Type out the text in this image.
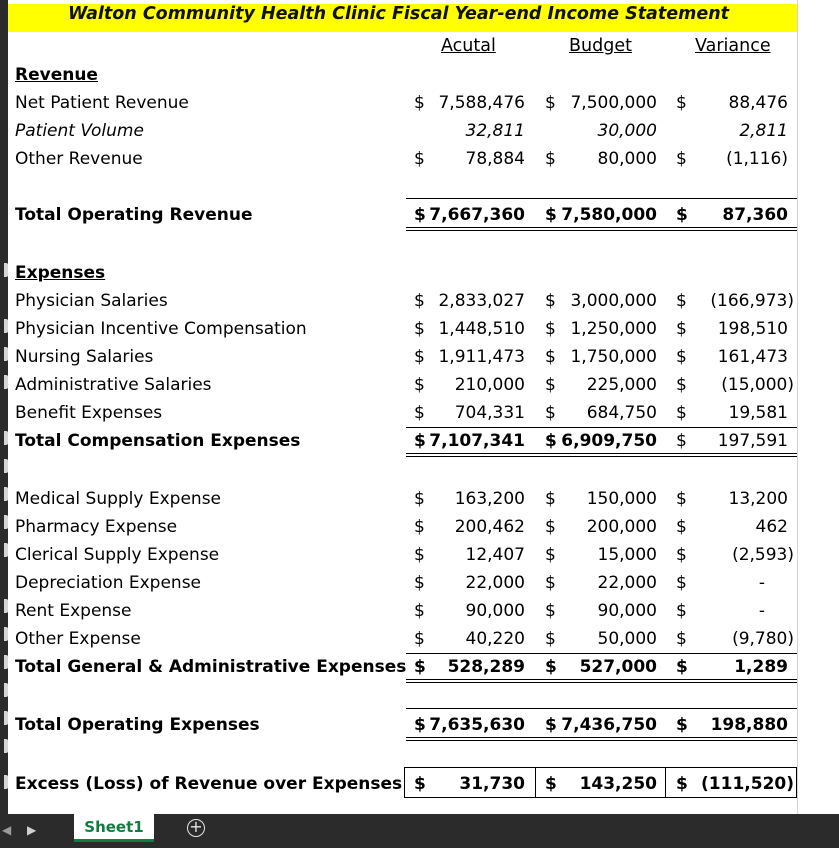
Walton Community Health Clinic Fiscal Year-end Income Statement
Acutal	Budget	Variance
Revenue
Net Patient Revenue	$ 7,588,476 $ 7,500,000 $ 88,476
Patient Volume	32,811	30,000	2,811
Other Revenue	$ 78,884 $ 80,000 $ (1,116)
Total Operating Revenue	$ 7,667,360 $ 7,580,000 $ 87,360
Expenses
Physician Salaries	$ 2,833,027 $ 3,000,000 $ (166,973)
Physician Incentive Compensation	$ 1,448,510 $ 1,250,000 $ 198,510
Nursing Salaries	$ 1,911,473 $ 1,750,000 $ 161,473
Administrative Salaries	$ 210,000 $ 225,000 $ (15,000)
Benefit Expenses	$ 704,331 $ 684,750 $ 19,581
Total Compensation Expenses	$ 7,107,341 $ 6,909,750 $ 197,591
Medical Supply Expense	$ 163,200 $ 150,000 $ 13,200
Pharmacy Expense	$ 200,462 $ 200,000 $	462
Clerical Supply Expense	$ 12,407 $ 15,000 $	(2,593)
Depreciation Expense	$ 22,000 $ 22,000 $	-
Rent Expense	$ 90,000 $ 90,000 $	-
Other Expense	$ 40,220 $ 50,000 $	(9,780)
Total General & Administrative Expenses $ 528,289 $ 527,000 $	1,289
Total Operating Expenses	$ 7,635,630 $ 7,436,750 $ 198,880
Excess (Loss) of Revenue over Expenses $ 31,730 $ 143,250 $ (111,520)
◀ ▶	Sheet1	+
